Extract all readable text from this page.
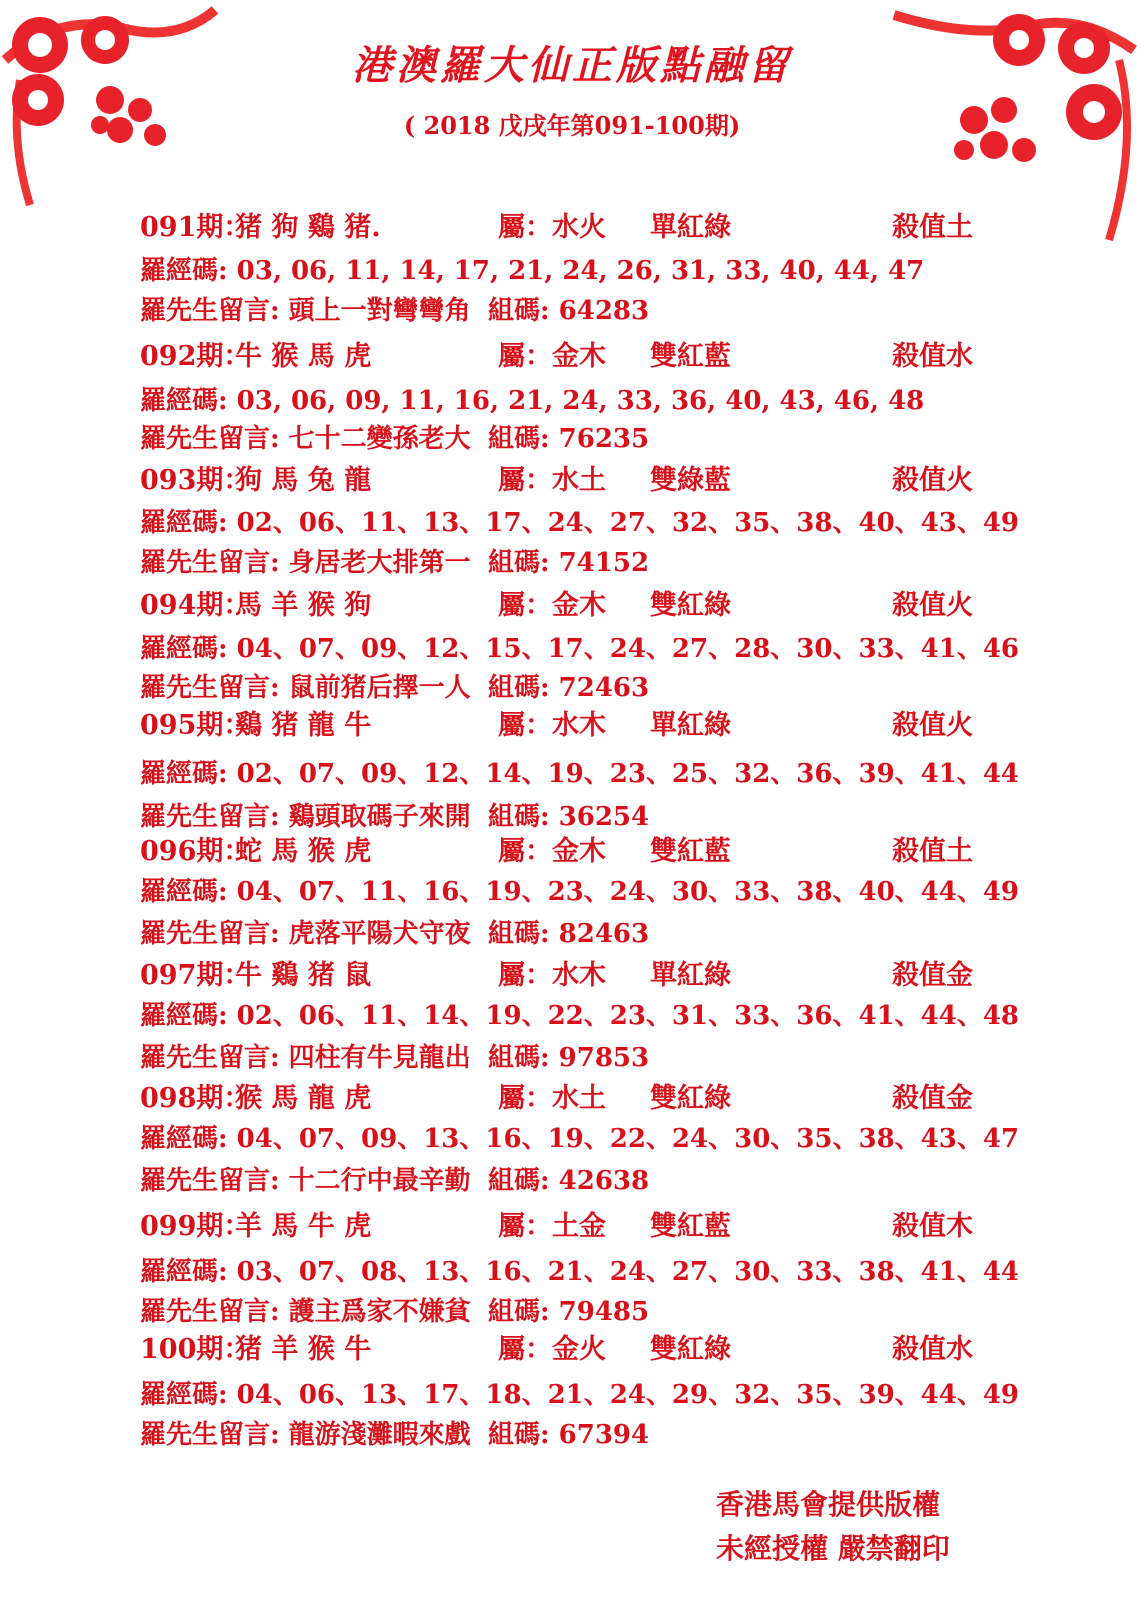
港澳羅大仙正版點融留
( 2018 戊戌年第091-100期)
091期：
猪 狗 鷄 猪.	屬：水火 單紅綠	殺值土
羅經碼: 03, 06, 11, 14, 17, 21, 24, 26, 31, 33, 40, 44, 47
羅先生留言: 頭上一對彎彎角 組碼: 64283
092期：
牛 猴 馬 虎	屬：金木 雙紅藍	殺值水
羅經碼: 03, 06, 09, 11, 16, 21, 24, 33, 36, 40, 43, 46, 48
羅先生留言: 七十二變孫老大 組碼: 76235
093期：
狗 馬 兔 龍	屬：水土 雙綠藍	殺值火
羅經碼: 02、06、11、13、17、24、27、32、35、38、40、43、49
羅先生留言: 身居老大排第一 組碼: 74152
094期：
馬 羊 猴 狗	屬：金木 雙紅綠	殺值火
羅經碼: 04、07、09、12、15、17、24、27、28、30、33、41、46
羅先生留言: 鼠前猪后擇一人 組碼: 72463
095期：
鷄 猪 龍 牛	屬：水木 單紅綠	殺值火
羅經碼: 02、07、09、12、14、19、23、25、32、36、39、41、44
羅先生留言: 鷄頭取碼子來開 組碼: 36254
096期：
蛇 馬 猴 虎	屬：金木 雙紅藍	殺值土
羅經碼: 04、07、11、16、19、23、24、30、33、38、40、44、49
羅先生留言: 虎落平陽犬守夜 組碼: 82463
097期：
牛 鷄 猪 鼠	屬：水木 單紅綠	殺值金
羅經碼: 02、06、11、14、19、22、23、31、33、36、41、44、48
羅先生留言: 四柱有牛見龍出 組碼: 97853
098期：
猴 馬 龍 虎	屬：水土 雙紅綠	殺值金
羅經碼: 04、07、09、13、16、19、22、24、30、35、38、43、47
羅先生留言: 十二行中最辛勤 組碼: 42638
099期：
羊 馬 牛 虎	屬：土金 雙紅藍	殺值木
羅經碼: 03、07、08、13、16、21、24、27、30、33、38、41、44
羅先生留言: 護主爲家不嫌貧 組碼: 79485
100期：
猪 羊 猴 牛	屬：金火 雙紅綠	殺值水
羅經碼: 04、06、13、17、18、21、24、29、32、35、39、44、49
羅先生留言: 龍游淺灘暇來戲 組碼: 67394
香港馬會提供版權
未經授權 嚴禁翻印
